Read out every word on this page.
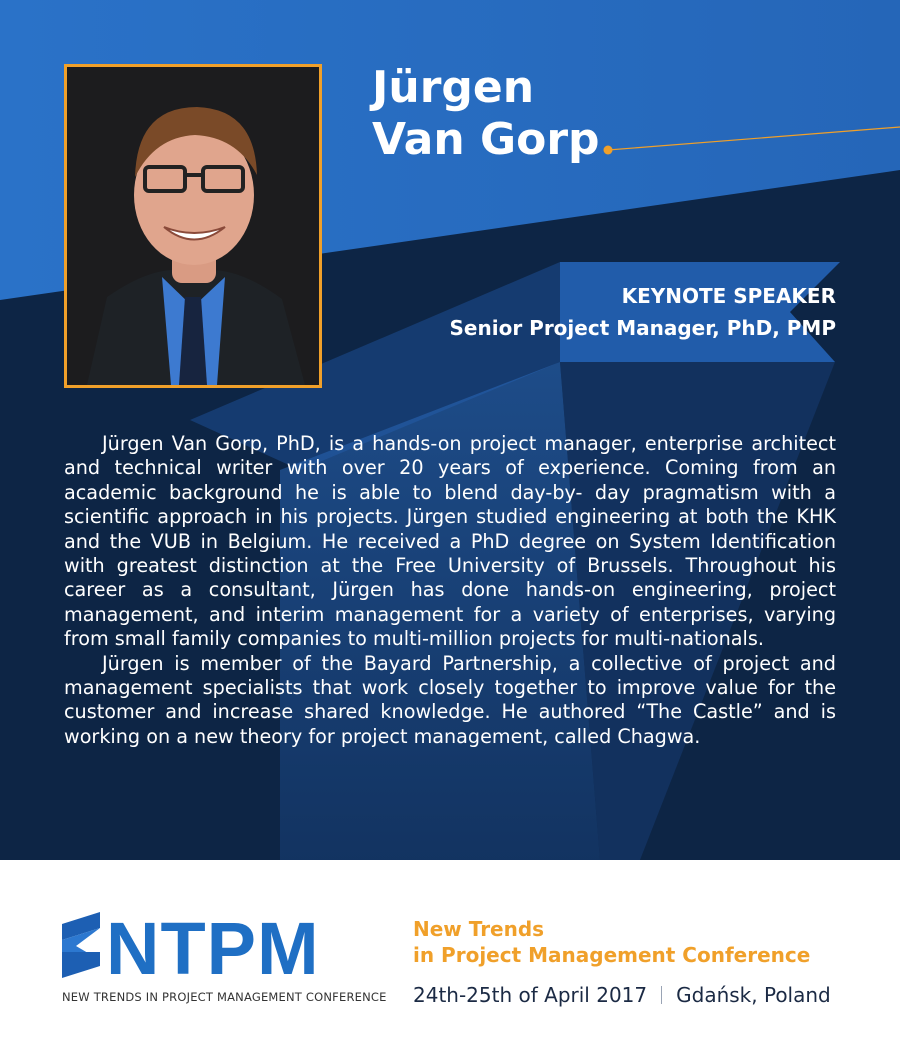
Jürgen
Van Gorp
KEYNOTE SPEAKER
Senior Project Manager, PhD, PMP

Jürgen Van Gorp, PhD, is a hands-on project manager, enterprise architect and technical writer with over 20 years of experience. Coming from an academic background he is able to blend day-by- day pragmatism with a scientific approach in his projects. Jürgen studied engineering at both the KHK and the VUB in Belgium. He received a PhD degree on System Identification with greatest distinction at the Free University of Brussels. Throughout his career as a consultant, Jürgen has done hands-on engineering, project management, and interim management for a variety of enterprises, varying from small family companies to multi-million projects for multi-nationals.

Jürgen is member of the Bayard Partnership, a collective of project and management specialists that work closely together to improve value for the customer and increase shared knowledge. He authored “The Castle” and is working on a new theory for project management, called Chagwa.

NTPM
NEW TRENDS IN PROJECT MANAGEMENT CONFERENCE
New Trends
in Project Management Conference
24th-25th of April 2017 Gdańsk, Poland
